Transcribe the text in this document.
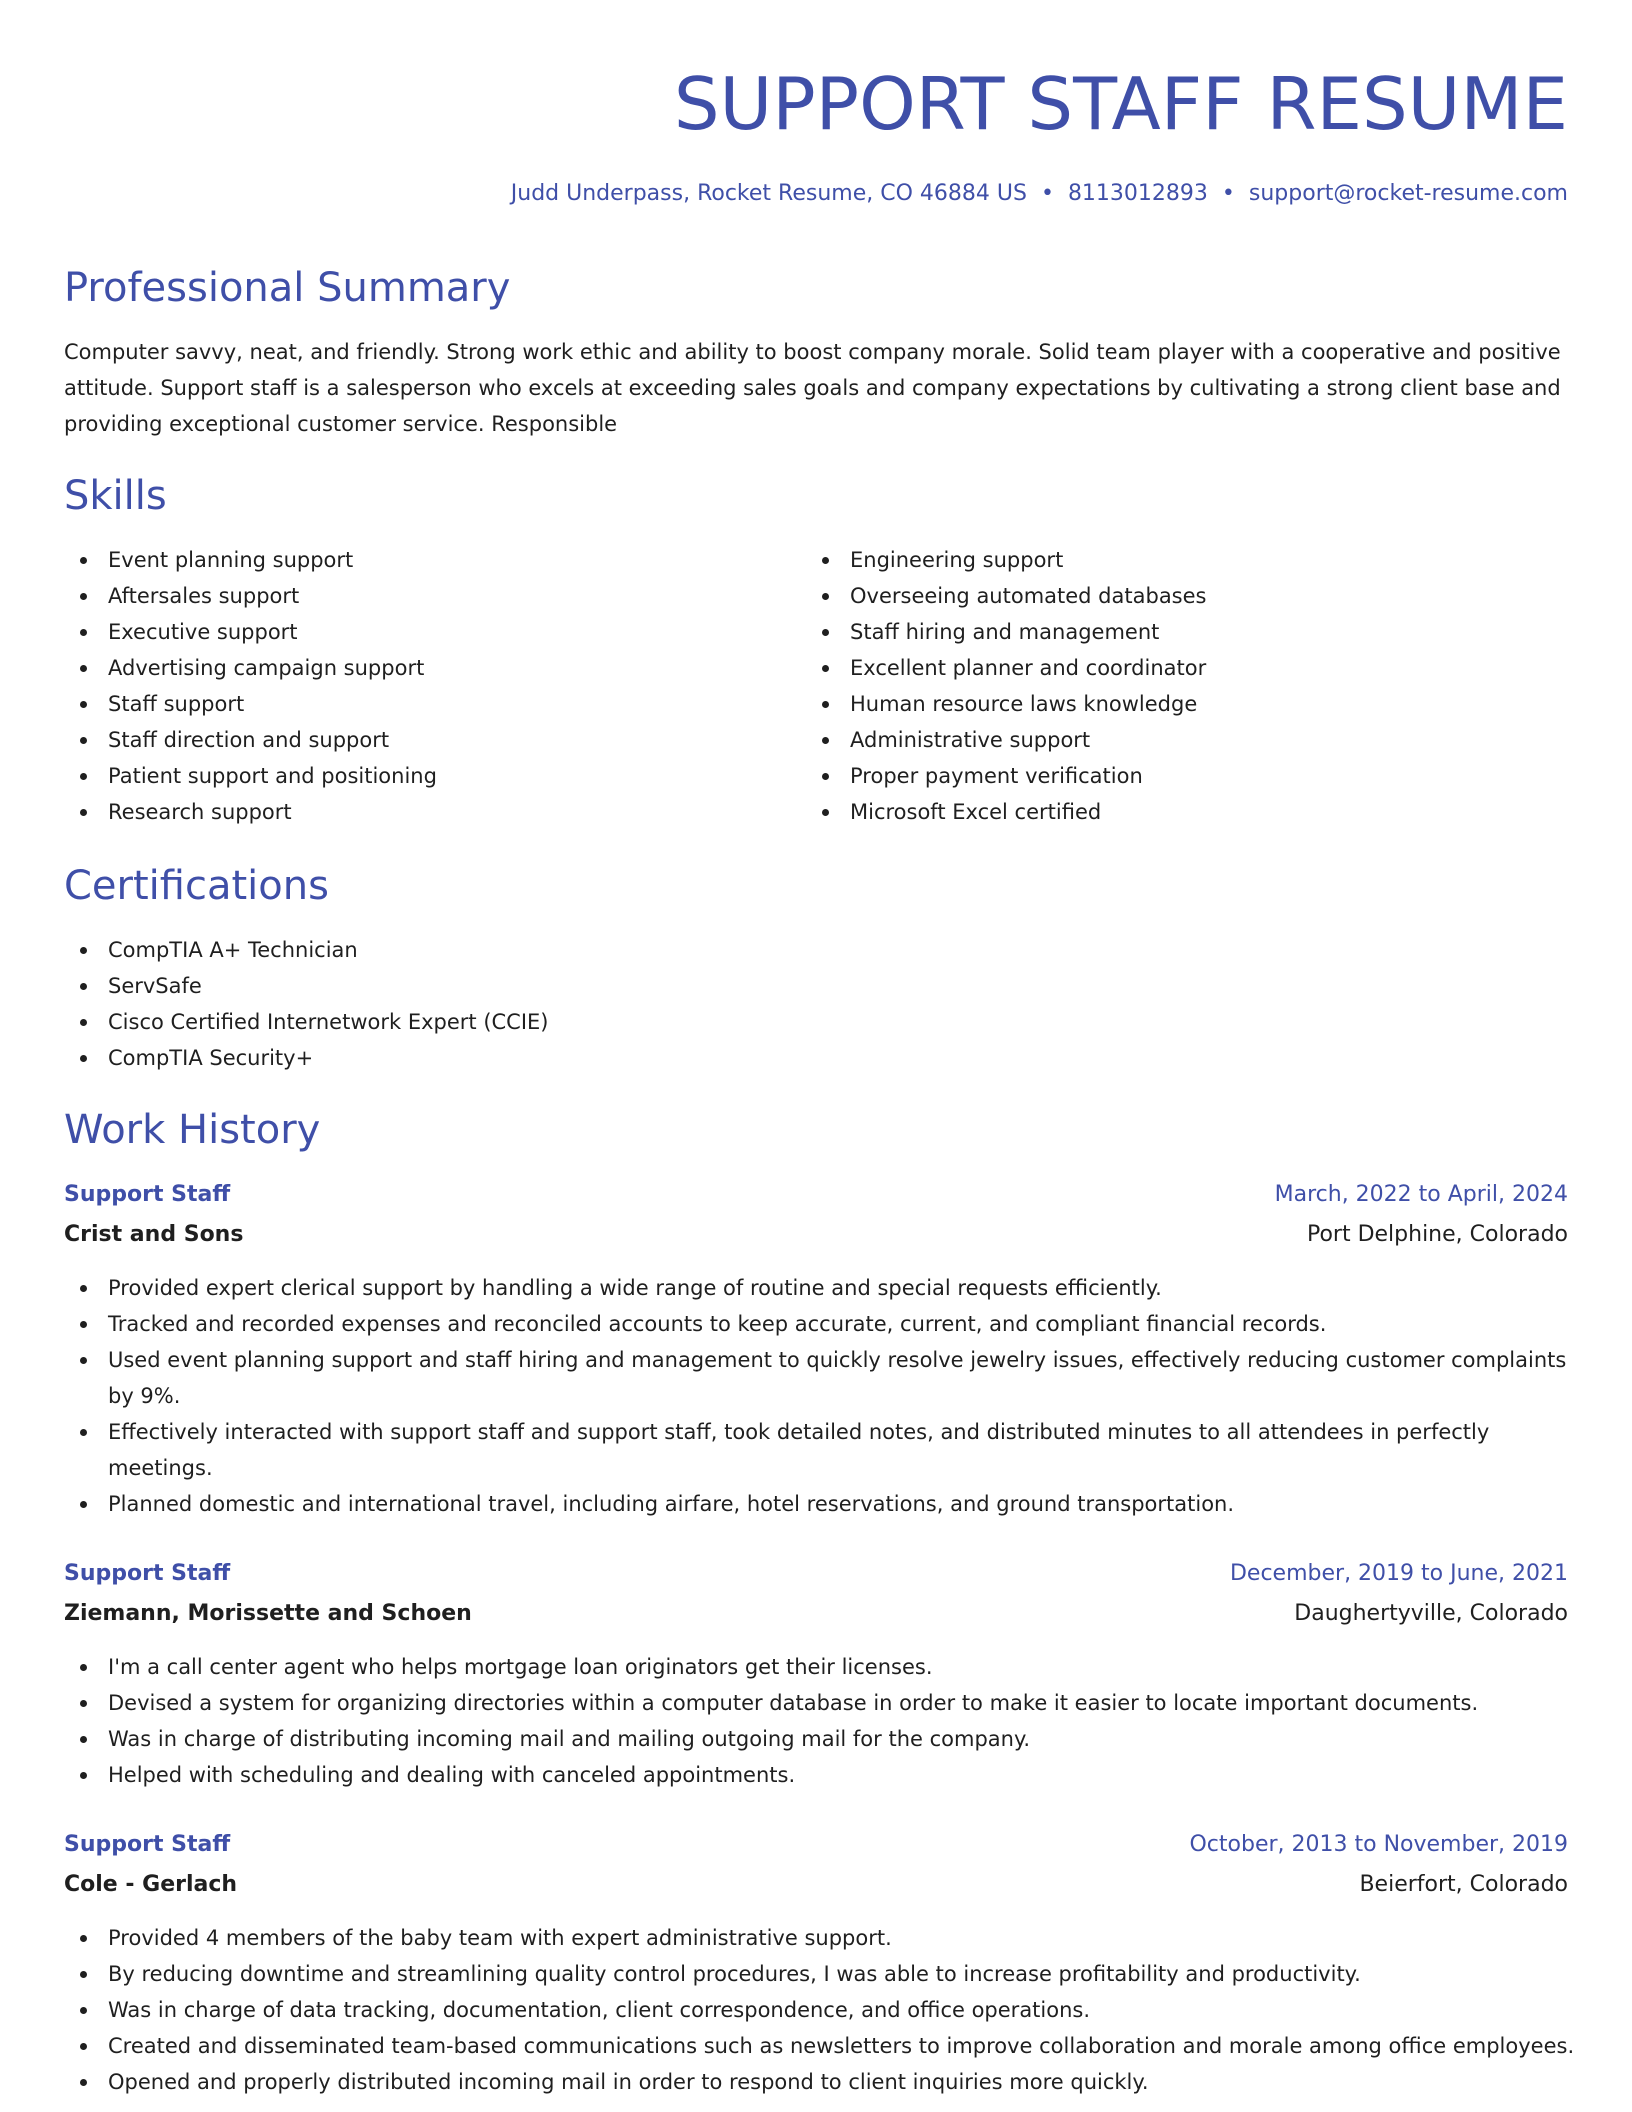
SUPPORT STAFF RESUME
Judd Underpass, Rocket Resume, CO 46884 US • 8113012893 • support@rocket-resume.com
Professional Summary

Computer savvy, neat, and friendly. Strong work ethic and ability to boost company morale. Solid team player with a cooperative and positive attitude. Support staff is a salesperson who excels at exceeding sales goals and company expectations by cultivating a strong client base and providing exceptional customer service. Responsible

Skills
Event planning support
Aftersales support
Executive support
Advertising campaign support
Staff support
Staff direction and support
Patient support and positioning
Research support
Engineering support
Overseeing automated databases
Staff hiring and management
Excellent planner and coordinator
Human resource laws knowledge
Administrative support
Proper payment verification
Microsoft Excel certified
Certifications
CompTIA A+ Technician
ServSafe
Cisco Certified Internetwork Expert (CCIE)
CompTIA Security+
Work History
Support Staff	March, 2022 to April, 2024
Crist and Sons	Port Delphine, Colorado
Provided expert clerical support by handling a wide range of routine and special requests efficiently.
Tracked and recorded expenses and reconciled accounts to keep accurate, current, and compliant financial records.
Used event planning support and staff hiring and management to quickly resolve jewelry issues, effectively reducing customer complaints by 9%.
Effectively interacted with support staff and support staff, took detailed notes, and distributed minutes to all attendees in perfectly meetings.
Planned domestic and international travel, including airfare, hotel reservations, and ground transportation.
Support Staff	December, 2019 to June, 2021
Ziemann, Morissette and Schoen	Daughertyville, Colorado
I'm a call center agent who helps mortgage loan originators get their licenses.
Devised a system for organizing directories within a computer database in order to make it easier to locate important documents.
Was in charge of distributing incoming mail and mailing outgoing mail for the company.
Helped with scheduling and dealing with canceled appointments.
Support Staff	October, 2013 to November, 2019
Cole - Gerlach	Beierfort, Colorado
Provided 4 members of the baby team with expert administrative support.
By reducing downtime and streamlining quality control procedures, I was able to increase profitability and productivity.
Was in charge of data tracking, documentation, client correspondence, and office operations.
Created and disseminated team-based communications such as newsletters to improve collaboration and morale among office employees.
Opened and properly distributed incoming mail in order to respond to client inquiries more quickly.
